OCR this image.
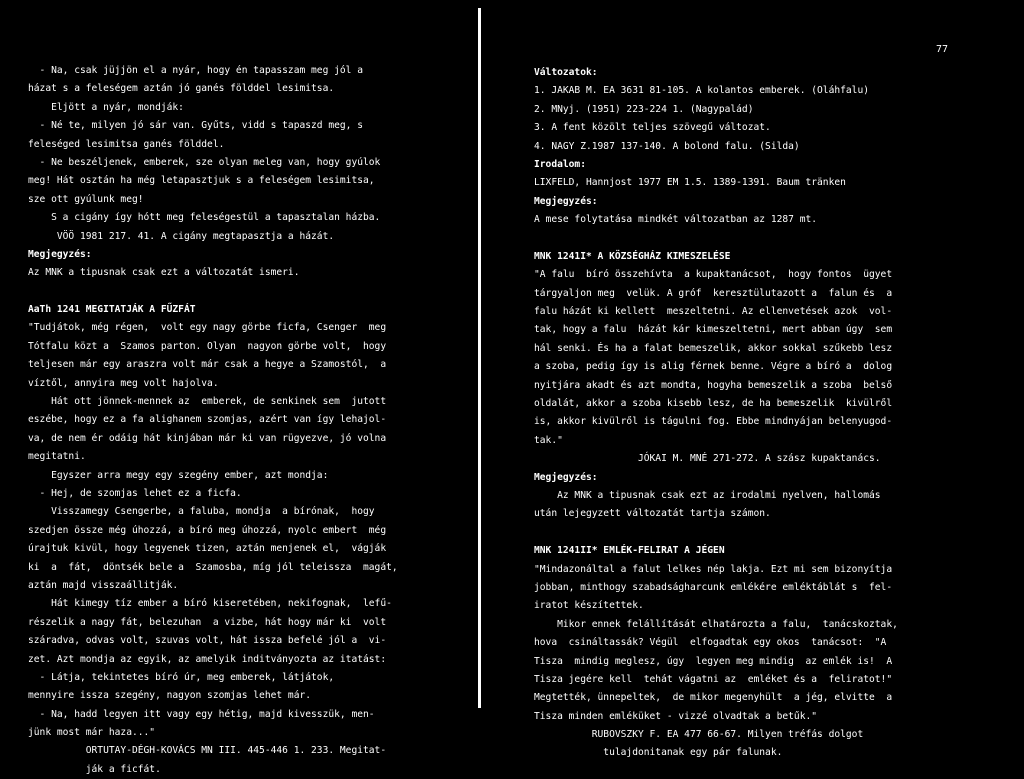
77
- Na, csak jüjjön el a nyár, hogy én tapasszam meg jól a
házat s a feleségem aztán jó ganés földdel lesimitsa.
Eljött a nyár, mondják:
- Né te, milyen jó sár van. Gyűts, vidd s tapaszd meg, s
feleséged lesimitsa ganés földdel.
- Ne beszéljenek, emberek, sze olyan meleg van, hogy gyúlok
meg! Hát osztán ha még letapasztjuk s a feleségem lesimitsa,
sze ott gyúlunk meg!
S a cigány így hótt meg feleségestül a tapasztalan házba.
VÖÖ 1981 217. 41. A cigány megtapasztja a házát.
Megjegyzés:
Az MNK a tipusnak csak ezt a változatát ismeri.
AaTh 1241 MEGITATJÁK A FŰZFÁT
"Tudjátok, még régen,  volt egy nagy görbe ficfa, Csenger  meg
Tótfalu közt a  Szamos parton. Olyan  nagyon görbe volt,  hogy
teljesen már egy araszra volt már csak a hegye a Szamostól,  a
víztől, annyira meg volt hajolva.
Hát ott jönnek-mennek az  emberek, de senkinek sem  jutott
eszébe, hogy ez a fa alighanem szomjas, azért van így lehajol-
va, de nem ér odáig hát kinjában már ki van rügyezve, jó volna
megitatni.
Egyszer arra megy egy szegény ember, azt mondja:
- Hej, de szomjas lehet ez a ficfa.
Visszamegy Csengerbe, a faluba, mondja  a bírónak,  hogy
szedjen össze még úhozzá, a bíró meg úhozzá, nyolc embert  még
úrajtuk kivül, hogy legyenek tizen, aztán menjenek el,  vágják
ki  a  fát,  döntsék bele a  Szamosba, míg jól teleissza  magát,
aztán majd visszaállitják.
Hát kimegy tíz ember a bíró kiseretében, nekifognak,  lefű-
részelik a nagy fát, belezuhan  a vizbe, hát hogy már ki  volt
száradva, odvas volt, szuvas volt, hát issza befelé jól a  vi-
zet. Azt mondja az egyik, az amelyik inditványozta az itatást:
- Látja, tekintetes bíró úr, meg emberek, látjátok,
mennyire issza szegény, nagyon szomjas lehet már.
- Na, hadd legyen itt vagy egy hétig, majd kivesszük, men-
jünk most már haza..."
ORTUTAY-DÉGH-KOVÁCS MN III. 445-446 1. 233. Megitat-
ják a ficfát.
Változatok:
1. JAKAB M. EA 3631 81-105. A kolantos emberek. (Oláhfalu)
2. MNyj. (1951) 223-224 1. (Nagypalád)
3. A fent közölt teljes szövegű változat.
4. NAGY Z.1987 137-140. A bolond falu. (Silda)
Irodalom:
LIXFELD, Hannjost 1977 EM 1.5. 1389-1391. Baum tränken
Megjegyzés:
A mese folytatása mindkét változatban az 1287 mt.
MNK 1241I* A KÖZSÉGHÁZ KIMESZELÉSE
"A falu  bíró összehívta  a kupaktanácsot,  hogy fontos  ügyet
tárgyaljon meg  velük. A gróf  keresztülutazott a  falun és  a
falu házát ki kellett  meszeltetni. Az ellenvetések azok  vol-
tak, hogy a falu  házát kár kimeszeltetni, mert abban úgy  sem
hál senki. És ha a falat bemeszelik, akkor sokkal szűkebb lesz
a szoba, pedig így is alig férnek benne. Végre a bíró a  dolog
nyitjára akadt és azt mondta, hogyha bemeszelik a szoba  belső
oldalát, akkor a szoba kisebb lesz, de ha bemeszelik  kivülről
is, akkor kivülről is tágulni fog. Ebbe mindnyájan belenyugod-
tak."
JÓKAI M. MNÉ 271-272. A szász kupaktanács.
Megjegyzés:
Az MNK a tipusnak csak ezt az irodalmi nyelven, hallomás
után lejegyzett változatát tartja számon.
MNK 1241II* EMLÉK-FELIRAT A JÉGEN
"Mindazonáltal a falut lelkes nép lakja. Ezt mi sem bizonyítja
jobban, minthogy szabadságharcunk emlékére emléktáblát s  fel-
iratot készítettek.
Mikor ennek felállítását elhatározta a falu,  tanácskoztak,
hova  csináltassák? Végül  elfogadtak egy okos  tanácsot:  "A
Tisza  mindig meglesz, úgy  legyen meg mindig  az emlék is!  A
Tisza jegére kell  tehát vágatni az  emléket és a  feliratot!"
Megtették, ünnepeltek,  de mikor megenyhült  a jég, elvitte  a
Tisza minden emléküket - vizzé olvadtak a betűk."
RUBOVSZKY F. EA 477 66-67. Milyen tréfás dolgot
tulajdonitanak egy pár falunak.
